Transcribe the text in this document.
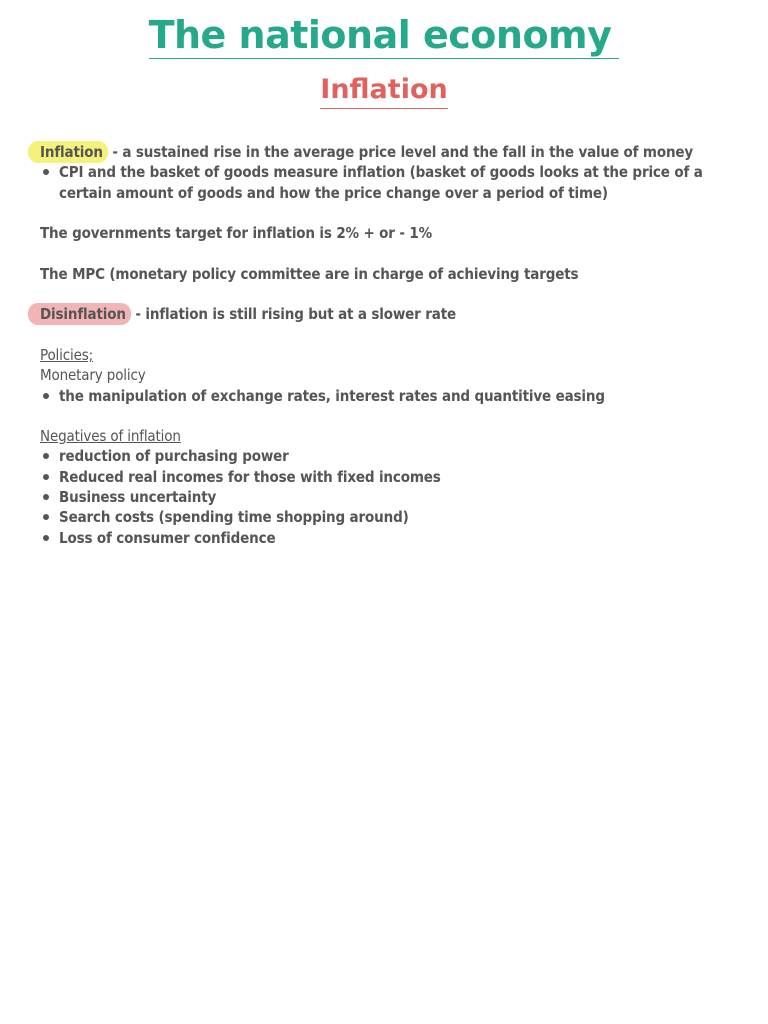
The national economy
Inflation
Inflation - a sustained rise in the average price level and the fall in the value of money
CPI and the basket of goods measure inflation (basket of goods looks at the price of a
certain amount of goods and how the price change over a period of time)
The governments target for inflation is 2% + or - 1%
The MPC (monetary policy committee are in charge of achieving targets
Disinflation - inflation is still rising but at a slower rate
Policies;
Monetary policy
the manipulation of exchange rates, interest rates and quantitive easing
Negatives of inflation
reduction of purchasing power
Reduced real incomes for those with fixed incomes
Business uncertainty
Search costs (spending time shopping around)
Loss of consumer confidence
